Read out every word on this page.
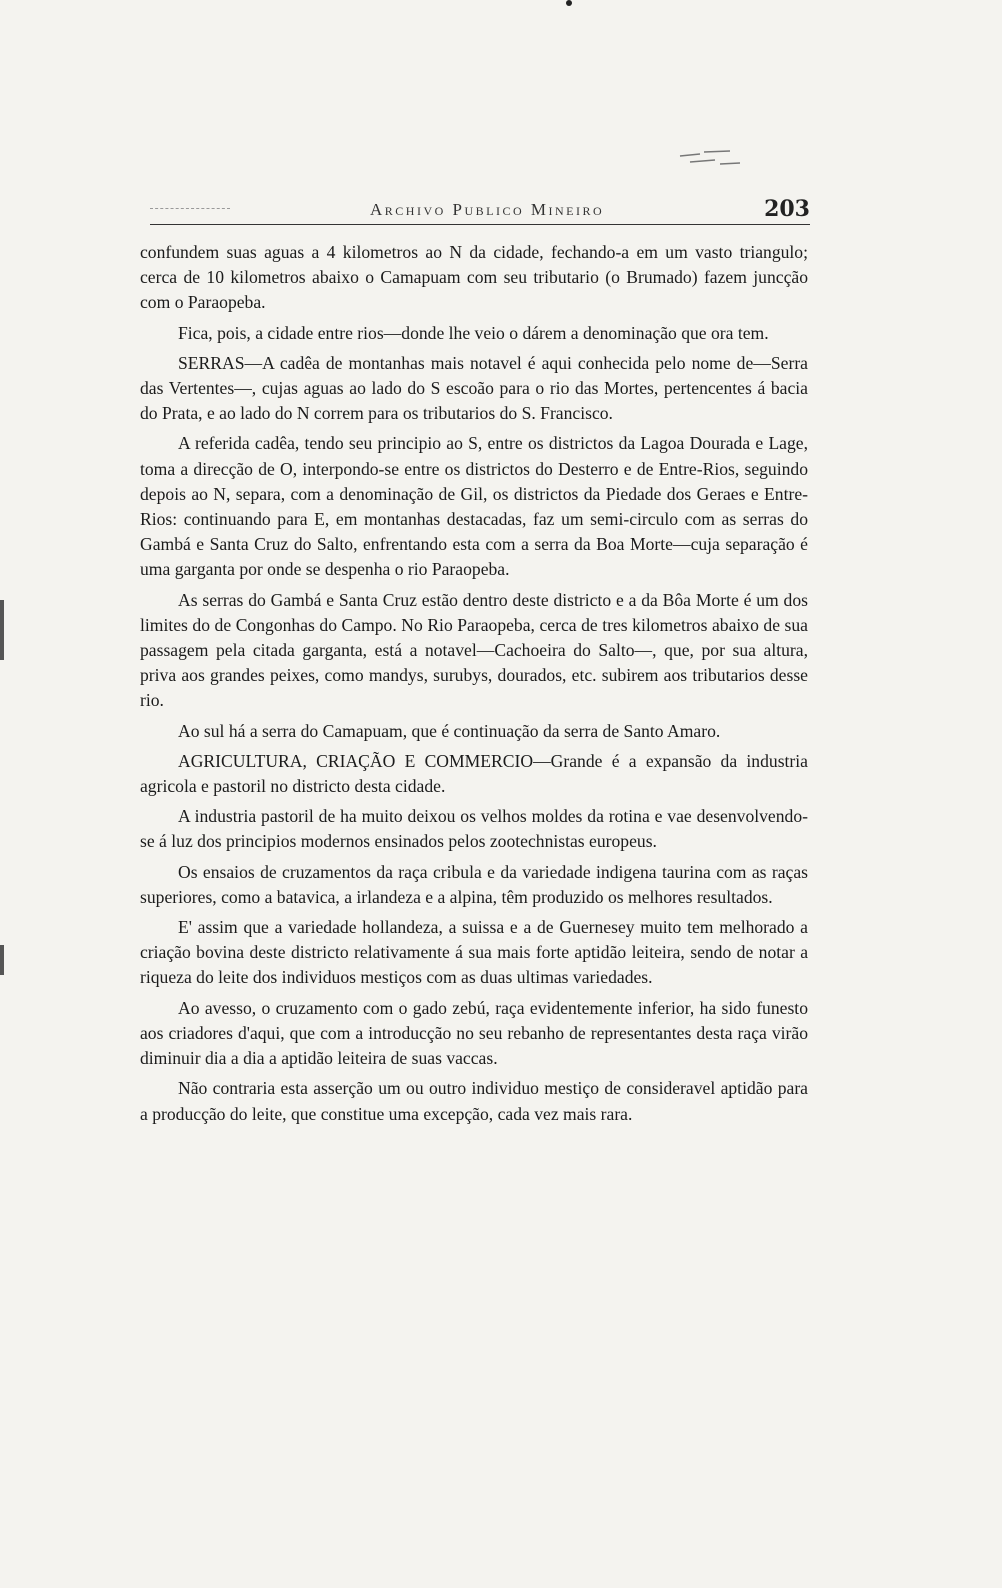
Archivo Publico Mineiro	203

confundem suas aguas a 4 kilometros ao N da cidade, fechando-a em um vasto triangulo; cerca de 10 kilometros abaixo o Camapuam com seu tributario (o Brumado) fazem juncção com o Paraopeba.

Fica, pois, a cidade entre rios—donde lhe veio o dárem a denominação que ora tem.

SERRAS—A cadêa de montanhas mais notavel é aqui conhecida pelo nome de—Serra das Vertentes—, cujas aguas ao lado do S escoão para o rio das Mortes, pertencentes á bacia do Prata, e ao lado do N correm para os tributarios do S. Francisco.

A referida cadêa, tendo seu principio ao S, entre os districtos da Lagoa Dourada e Lage, toma a direcção de O, interpondo-se entre os districtos do Desterro e de Entre-Rios, seguindo depois ao N, separa, com a denominação de Gil, os districtos da Piedade dos Geraes e Entre-Rios: continuando para E, em montanhas destacadas, faz um semi-circulo com as serras do Gambá e Santa Cruz do Salto, enfrentando esta com a serra da Boa Morte—cuja separação é uma garganta por onde se despenha o rio Paraopeba.

As serras do Gambá e Santa Cruz estão dentro deste districto e a da Bôa Morte é um dos limites do de Congonhas do Campo. No Rio Paraopeba, cerca de tres kilometros abaixo de sua passagem pela citada garganta, está a notavel—Cachoeira do Salto—, que, por sua altura, priva aos grandes peixes, como mandys, surubys, dourados, etc. subirem aos tributarios desse rio.

Ao sul há a serra do Camapuam, que é continuação da serra de Santo Amaro.

AGRICULTURA, CRIAÇÃO E COMMERCIO—Grande é a expansão da industria agricola e pastoril no districto desta cidade.

A industria pastoril de ha muito deixou os velhos moldes da rotina e vae desenvolvendo-se á luz dos principios modernos ensinados pelos zootechnistas europeus.

Os ensaios de cruzamentos da raça cribula e da variedade indigena taurina com as raças superiores, como a batavica, a irlandeza e a alpina, têm produzido os melhores resultados.

E' assim que a variedade hollandeza, a suissa e a de Guernesey muito tem melhorado a criação bovina deste districto relativamente á sua mais forte aptidão leiteira, sendo de notar a riqueza do leite dos individuos mestiços com as duas ultimas variedades.

Ao avesso, o cruzamento com o gado zebú, raça evidentemente inferior, ha sido funesto aos criadores d'aqui, que com a introducção no seu rebanho de representantes desta raça virão diminuir dia a dia a aptidão leiteira de suas vaccas.

Não contraria esta asserção um ou outro individuo mestiço de consideravel aptidão para a producção do leite, que constitue uma excepção, cada vez mais rara.
